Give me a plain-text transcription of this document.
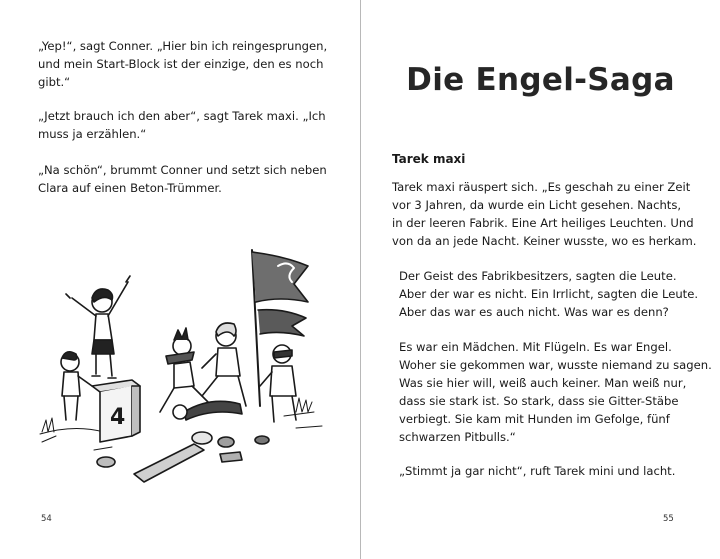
„Yep!“, sagt Conner. „Hier bin ich reingesprungen,
und mein Start-Block ist der einzige, den es noch
gibt.“

„Jetzt brauch ich den aber“, sagt Tarek maxi. „Ich
muss ja erzählen.“

„Na schön“, brummt Conner und setzt sich neben
Clara auf einen Beton-Trümmer.

4
54
Die Engel-Saga
Tarek maxi

Tarek maxi räuspert sich. „Es geschah zu einer Zeit
vor 3 Jahren, da wurde ein Licht gesehen. Nachts,
in der leeren Fabrik. Eine Art heiliges Leuchten. Und
von da an jede Nacht. Keiner wusste, wo es herkam.

Der Geist des Fabrikbesitzers, sagten die Leute.
Aber der war es nicht. Ein Irrlicht, sagten die Leute.
Aber das war es auch nicht. Was war es denn?

Es war ein Mädchen. Mit Flügeln. Es war Engel.
Woher sie gekommen war, wusste niemand zu sagen.
Was sie hier will, weiß auch keiner. Man weiß nur,
dass sie stark ist. So stark, dass sie Gitter-Stäbe
verbiegt. Sie kam mit Hunden im Gefolge, fünf
schwarzen Pitbulls.“

„Stimmt ja gar nicht“, ruft Tarek mini und lacht.

55
